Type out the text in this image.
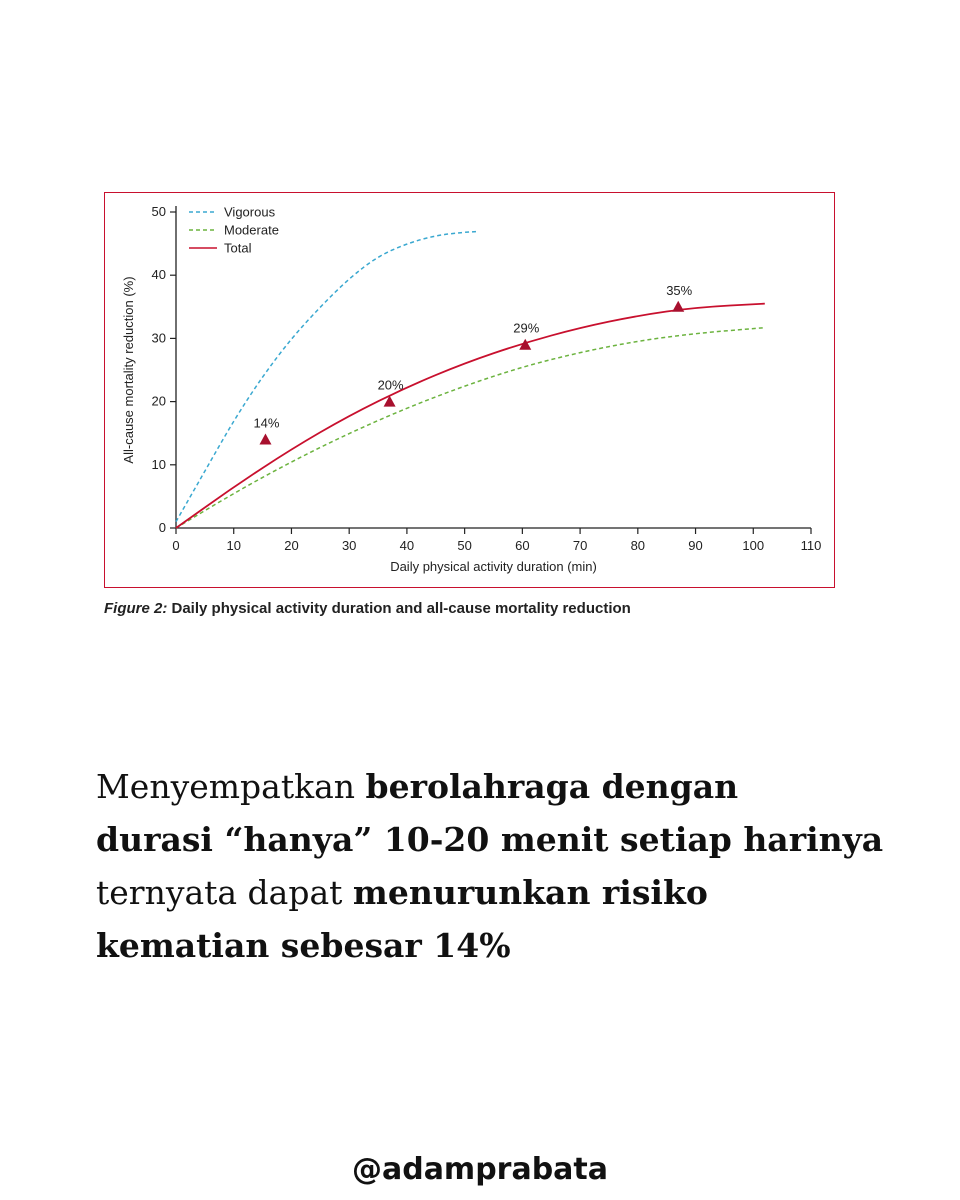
0	10	20	30	40	50	60	70	80	90	100	110
0
10
20
30
40
50
Daily physical activity duration (min)
All-cause mortality reduction (%)	14%
20%
29%
35%
Vigorous
Moderate
Total
Figure 2: Daily physical activity duration and all-cause mortality reduction
Menyempatkan berolahraga dengan
durasi “hanya” 10-20 menit setiap harinya
ternyata dapat menurunkan risiko
kematian sebesar 14%
@adamprabata
